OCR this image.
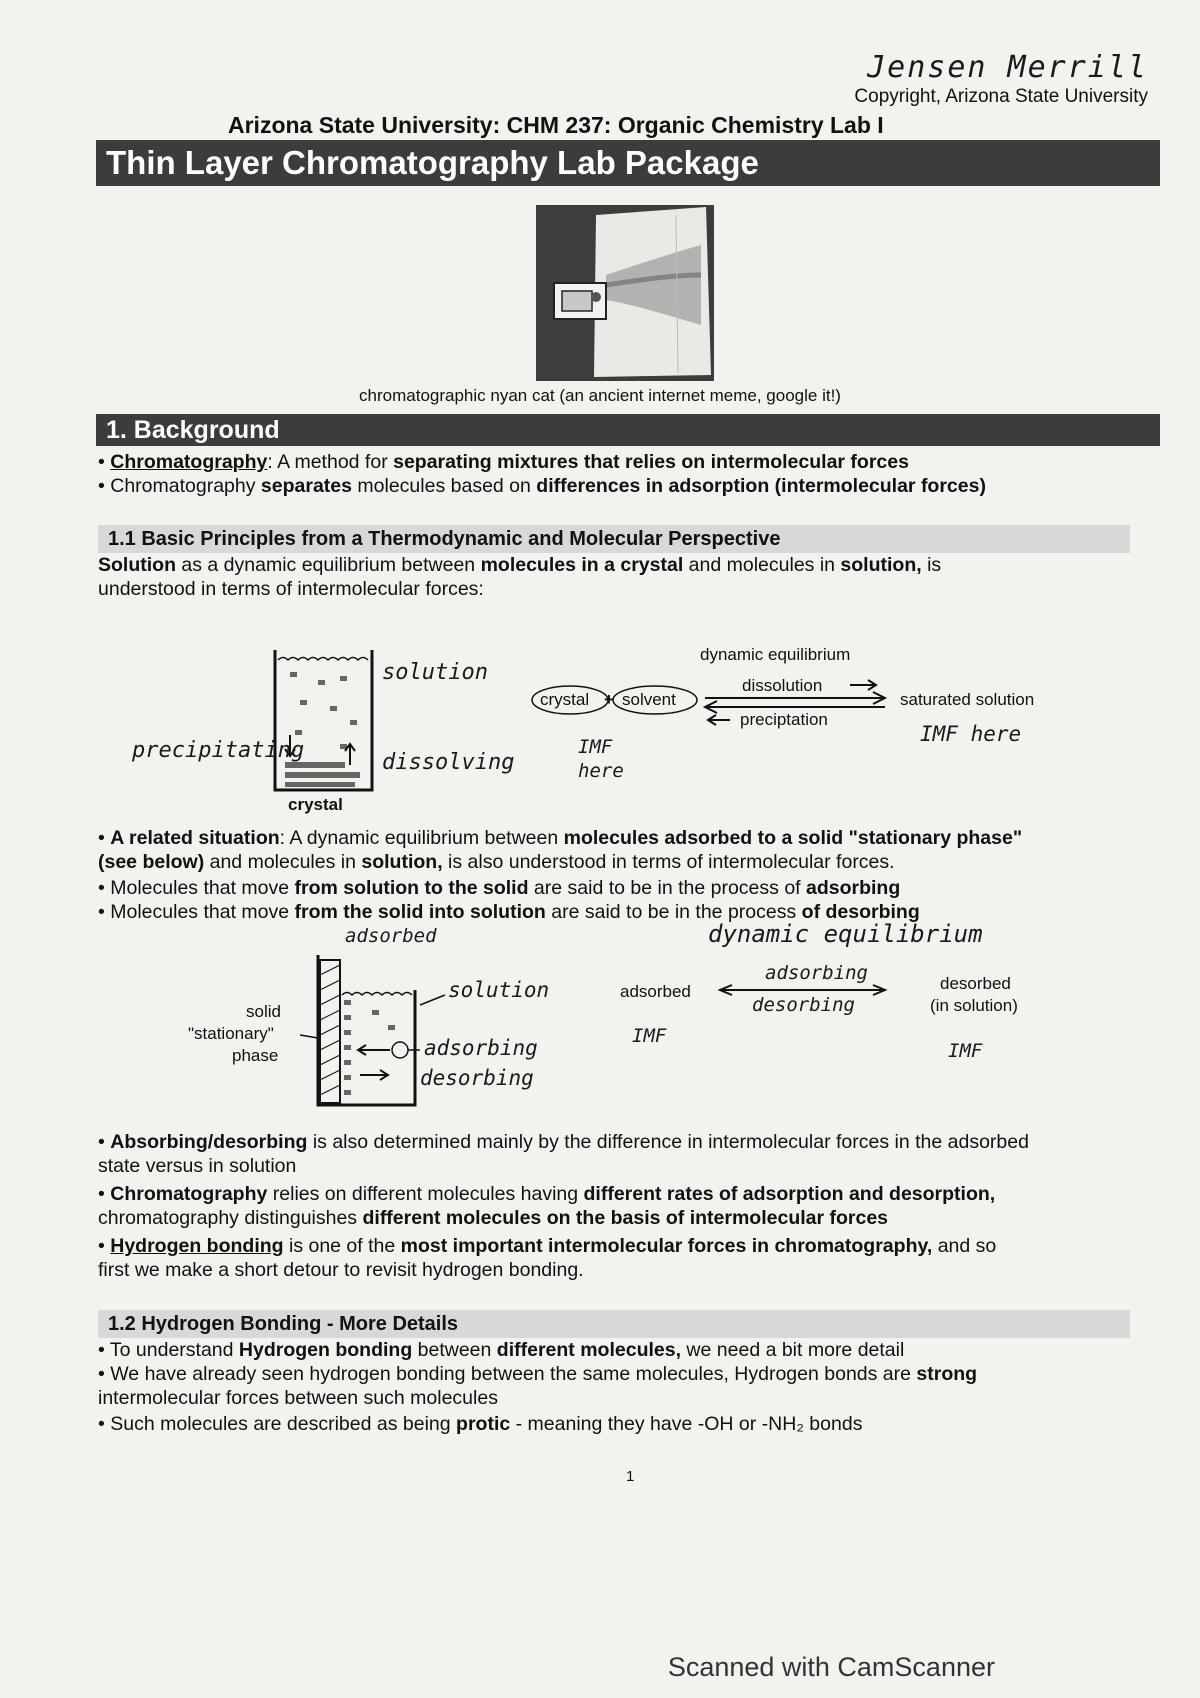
Jensen Merrill
Copyright, Arizona State University
Arizona State University: CHM 237: Organic Chemistry Lab I
Thin Layer Chromatography Lab Package
chromatographic nyan cat (an ancient internet meme, google it!)
1. Background
• Chromatography: A method for separating mixtures that relies on intermolecular forces
• Chromatography separates molecules based on differences in adsorption (intermolecular forces)
1.1 Basic Principles from a Thermodynamic and Molecular Perspective
Solution as a dynamic equilibrium between molecules in a crystal and molecules in solution, is
understood in terms of intermolecular forces:
solution
dissolving
precipitating
crystal
crystal + solvent
dynamic equilibrium
dissolution
preciptation
saturated solution
IMF here
IMF here
• A related situation: A dynamic equilibrium between molecules adsorbed to a solid "stationary phase"
(see below) and molecules in solution, is also understood in terms of intermolecular forces.
• Molecules that move from solution to the solid are said to be in the process of adsorbing
• Molecules that move from the solid into solution are said to be in the process of desorbing
adsorbed
solution
adsorbing
desorbing
solid
"stationary"
phase
dynamic equilibrium
adsorbed
adsorbing
desorbing
desorbed
(in solution)
IMF
IMF
• Absorbing/desorbing is also determined mainly by the difference in intermolecular forces in the adsorbed
state versus in solution
• Chromatography relies on different molecules having different rates of adsorption and desorption,
chromatography distinguishes different molecules on the basis of intermolecular forces
• Hydrogen bonding is one of the most important intermolecular forces in chromatography, and so
first we make a short detour to revisit hydrogen bonding.
1.2 Hydrogen Bonding - More Details
• To understand Hydrogen bonding between different molecules, we need a bit more detail
• We have already seen hydrogen bonding between the same molecules, Hydrogen bonds are strong
intermolecular forces between such molecules
• Such molecules are described as being protic - meaning they have -OH or -NH₂ bonds
1
Scanned with CamScanner
